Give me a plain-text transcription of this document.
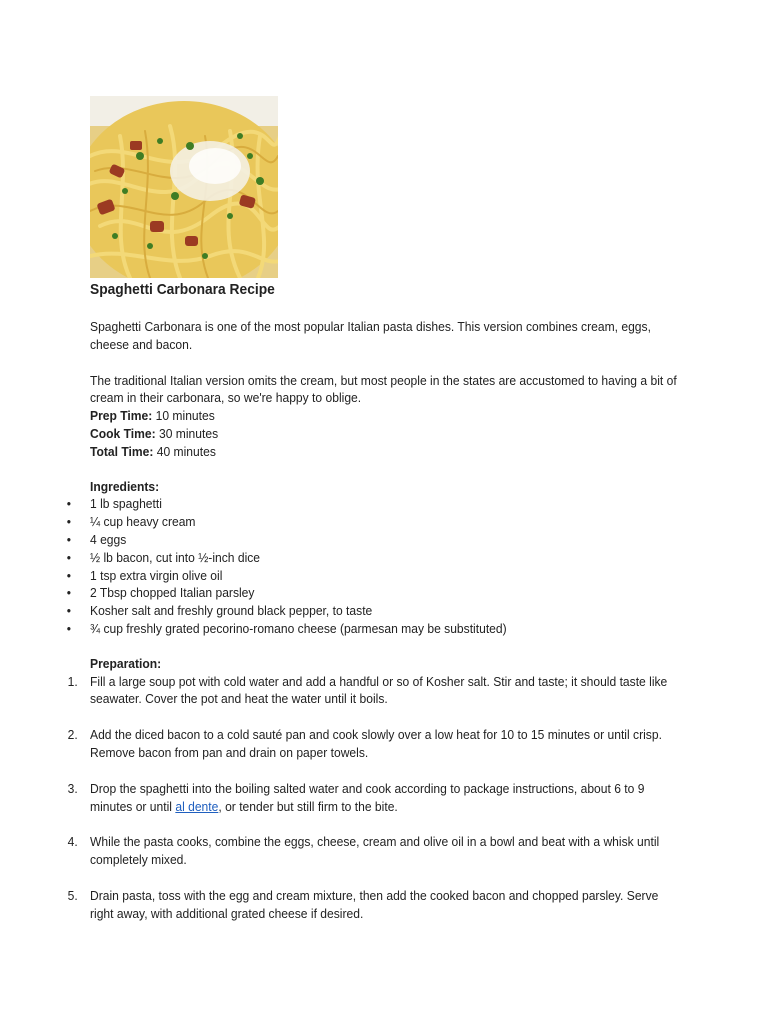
Spaghetti Carbonara Recipe

Spaghetti Carbonara is one of the most popular Italian pasta dishes. This version combines cream, eggs, cheese and bacon.

The traditional Italian version omits the cream, but most people in the states are accustomed to having a bit of cream in their carbonara, so we're happy to oblige.

Prep Time: 10 minutes

Cook Time: 30 minutes

Total Time: 40 minutes

Ingredients:

• 1 lb spaghetti
• ¼ cup heavy cream
• 4 eggs
• ½ lb bacon, cut into ½-inch dice
• 1 tsp extra virgin olive oil
• 2 Tbsp chopped Italian parsley
• Kosher salt and freshly ground black pepper, to taste
• ¾ cup freshly grated pecorino-romano cheese (parmesan may be substituted)

Preparation:

1. Fill a large soup pot with cold water and add a handful or so of Kosher salt. Stir and taste; it should taste like seawater. Cover the pot and heat the water until it boils.
2. Add the diced bacon to a cold sauté pan and cook slowly over a low heat for 10 to 15 minutes or until crisp. Remove bacon from pan and drain on paper towels.
3. Drop the spaghetti into the boiling salted water and cook according to package instructions, about 6 to 9 minutes or until al dente, or tender but still firm to the bite.
4. While the pasta cooks, combine the eggs, cheese, cream and olive oil in a bowl and beat with a whisk until completely mixed.
5. Drain pasta, toss with the egg and cream mixture, then add the cooked bacon and chopped parsley. Serve right away, with additional grated cheese if desired.
